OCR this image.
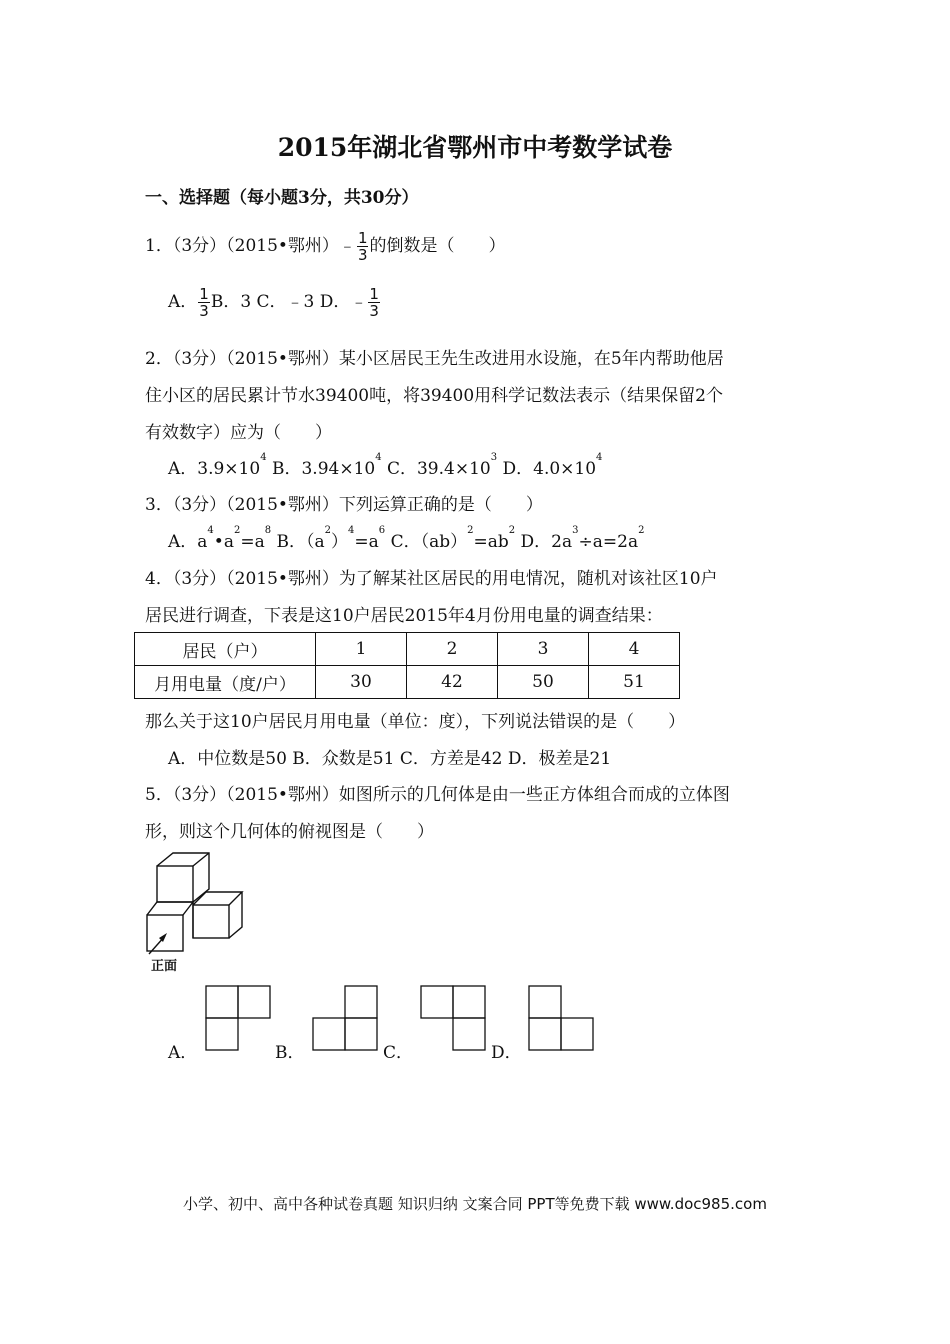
2015年湖北省鄂州市中考数学试卷
一、选择题（每小题3分，共30分）
1．（3分）（2015•鄂州）﹣ $\frac{1}{3}$ 的倒数是（　　）
A． $\frac{1}{3}$ B．3 C．﹣3 D．﹣ $\frac{1}{3}$
2．（3分）（2015•鄂州）某小区居民王先生改进用水设施，在5年内帮助他居
住小区的居民累计节水39400吨，将39400用科学记数法表示（结果保留2个
有效数字）应为（　　）
A．$3.9\times 10^4$ B．$3.94\times 10^4$ C．$39.4\times 10^3$ D．$4.0\times 10^4$
3．（3分）（2015•鄂州）下列运算正确的是（　　）
A．$a^4•a^2=a^8$ B．$(a^2)^4=a^6$ C．$(ab)^2=ab^2$ D．$2a^3\div a=2a^2$
4．（3分）（2015•鄂州）为了解某社区居民的用电情况，随机对该社区10户
居民进行调查，下表是这10户居民2015年4月份用电量的调查结果：
居民（户）	1	2	3	4
月用电量（度/户）	30	42	50	51
那么关于这10户居民月用电量（单位：度），下列说法错误的是（　　）
A．中位数是50 B．众数是51 C．方差是42 D．极差是21
5．（3分）（2015•鄂州）如图所示的几何体是由一些正方体组合而成的立体图
形，则这个几何体的俯视图是（　　）
正面
A．	B．	C．	D．
小学、初中、高中各种试卷真题 知识归纳 文案合同 PPT等免费下载 www.doc985.com
